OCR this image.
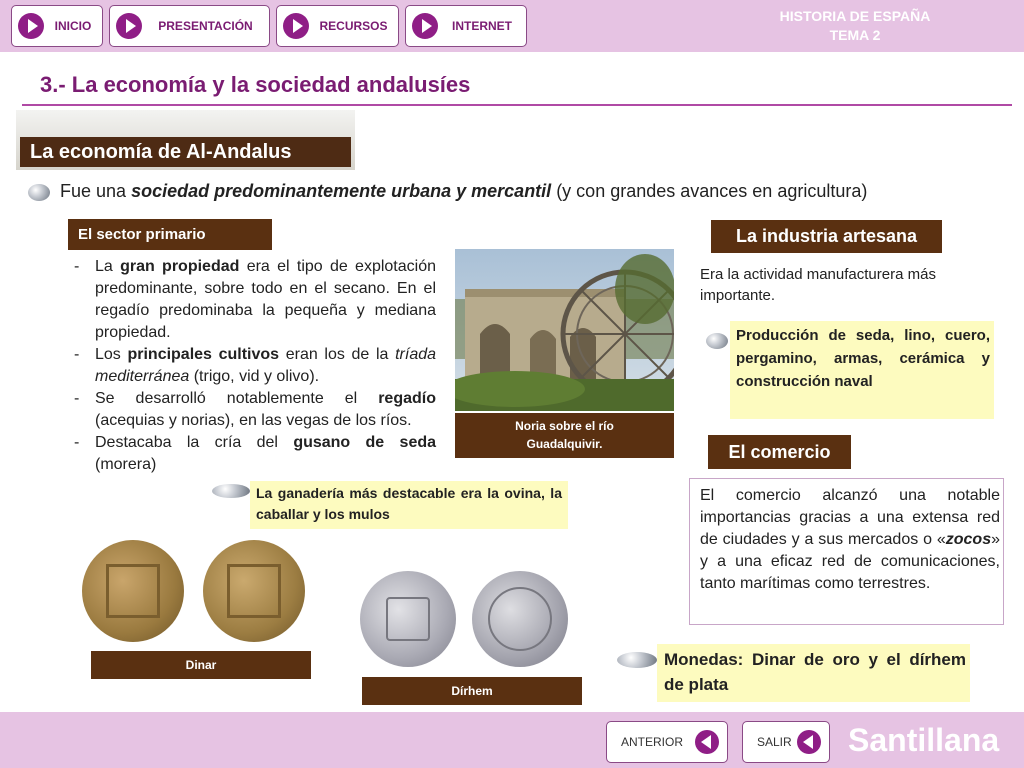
INICIO	PRESENTACIÓN	RECURSOS	INTERNET
HISTORIA DE ESPAÑA
TEMA 2
3.- La economía y la sociedad andalusíes
La economía de Al-Andalus
Fue una sociedad predominantemente urbana y mercantil (y con grandes avances en agricultura)
El sector primario
- La gran propiedad era el tipo de explotación predominante, sobre todo en el secano. En el regadío predominaba la pequeña y mediana propiedad.
- Los principales cultivos eran los de la tríada mediterránea (trigo, vid y olivo).
- Se desarrolló notablemente el regadío (acequias y norias), en las vegas de los ríos.
- Destacaba la cría del gusano de seda (morera)
La ganadería más destacable era la ovina, la caballar y los mulos
Noria sobre el río
Guadalquivir.
La industria artesana
Era la actividad manufacturera más importante.
Producción de seda, lino, cuero, pergamino, armas, cerámica y construcción naval
El comercio
El comercio alcanzó una notable importancias gracias a una extensa red de ciudades y a sus mercados o «zocos» y a una eficaz red de comunicaciones, tanto marítimas como terrestres.
Dinar
Dírhem
Monedas: Dinar de oro y el dírhem de plata
ANTERIOR	SALIR Santillana
